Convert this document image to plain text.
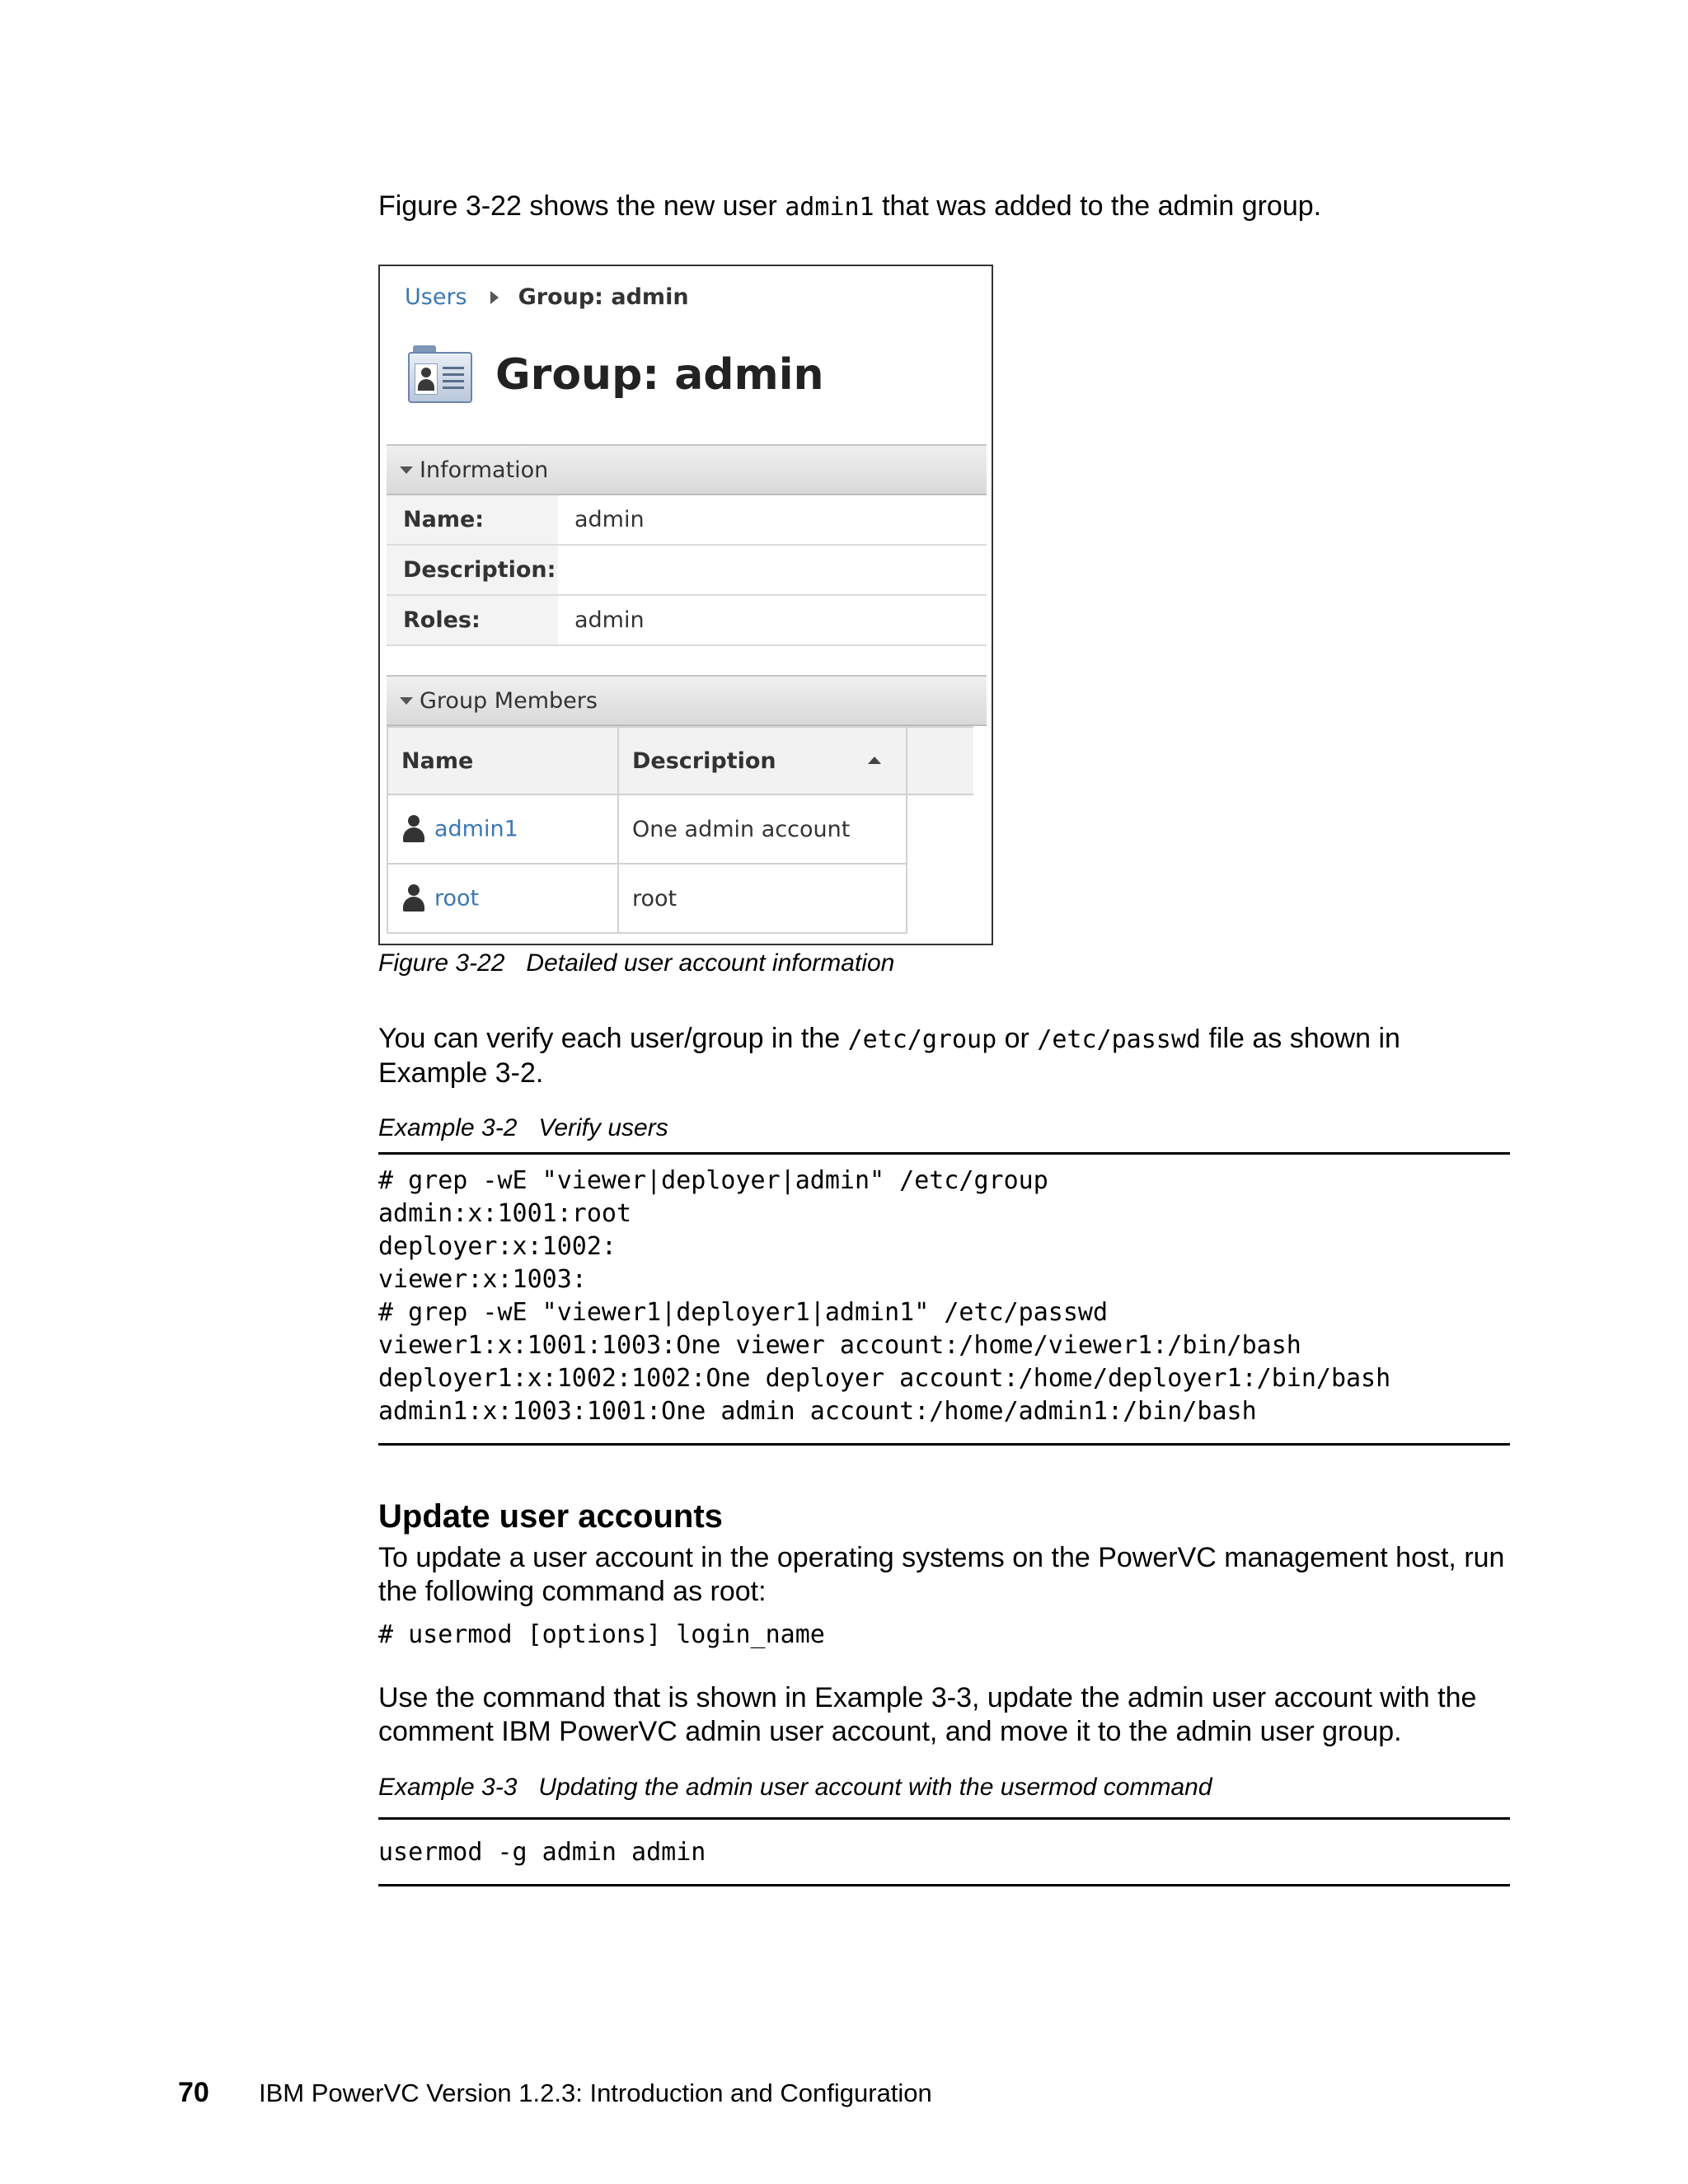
Figure 3-22 shows the new user admin1 that was added to the admin group.

Users Group: admin
Group: admin
Information
Name:	admin
Description:	
Roles:	admin
Group Members
Name	Description

admin1	One admin account	
root	root	

Figure 3-22 Detailed user account information

You can verify each user/group in the /etc/group or /etc/passwd file as shown in Example 3-2.

Example 3-2 Verify users

# grep -wE "viewer|deployer|admin" /etc/group
admin:x:1001:root
deployer:x:1002:
viewer:x:1003:
# grep -wE "viewer1|deployer1|admin1" /etc/passwd
viewer1:x:1001:1003:One viewer account:/home/viewer1:/bin/bash
deployer1:x:1002:1002:One deployer account:/home/deployer1:/bin/bash
admin1:x:1003:1001:One admin account:/home/admin1:/bin/bash
Update user accounts

To update a user account in the operating systems on the PowerVC management host, run the following command as root:

# usermod [options] login_name

Use the command that is shown in Example 3-3, update the admin user account with the comment IBM PowerVC admin user account, and move it to the admin user group.

Example 3-3 Updating the admin user account with the usermod command

usermod -g admin admin
70	IBM PowerVC Version 1.2.3: Introduction and Configuration
